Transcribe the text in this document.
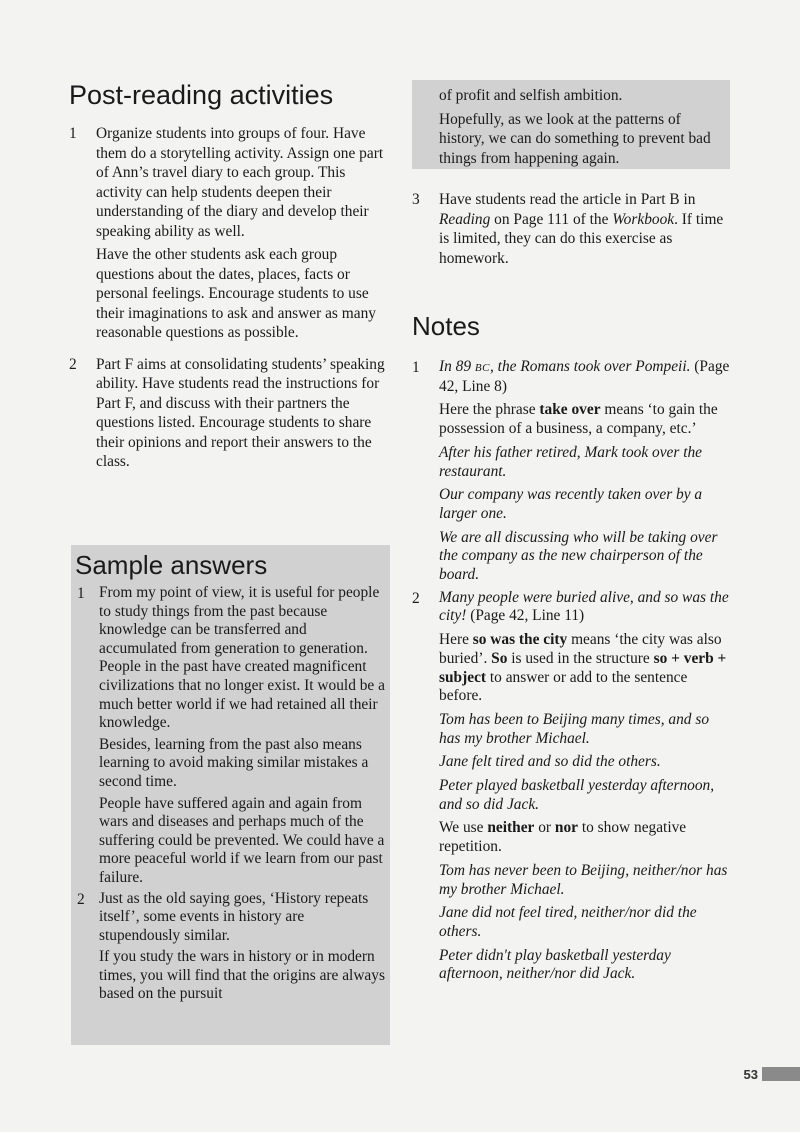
Post-reading activities
1	Organize students into groups of four. Have them do a storytelling activity. Assign one part of Ann’s travel diary to each group. This activity can help students deepen their understanding of the diary and develop their speaking ability as well.

Have the other students ask each group questions about the dates, places, facts or personal feelings. Encourage students to use their imaginations to ask and answer as many reasonable questions as possible.

2	Part F aims at consolidating students’ speaking ability. Have students read the instructions for Part F, and discuss with their partners the questions listed. Encourage students to share their opinions and report their answers to the class.

Sample answers
1 From my point of view, it is useful for people to study things from the past because knowledge can be transferred and accumulated from generation to generation. People in the past have created magnificent civilizations that no longer exist. It would be a much better world if we had retained all their knowledge.

Besides, learning from the past also means learning to avoid making similar mistakes a second time.

People have suffered again and again from wars and diseases and perhaps much of the suffering could be prevented. We could have a more peaceful world if we learn from our past failure.

2 Just as the old saying goes, ‘History repeats itself’, some events in history are stupendously similar.

If you study the wars in history or in modern times, you will find that the origins are always based on the pursuit

of profit and selfish ambition.

Hopefully, as we look at the patterns of history, we can do something to prevent bad things from happening again.

3	Have students read the article in Part B in Reading on Page 111 of the Workbook. If time is limited, they can do this exercise as homework.

Notes
1	In 89 BC, the Romans took over Pompeii. (Page 42, Line 8)

Here the phrase take over means ‘to gain the possession of a business, a company, etc.’

After his father retired, Mark took over the restaurant.

Our company was recently taken over by a larger one.

We are all discussing who will be taking over the company as the new chairperson of the board.

2	Many people were buried alive, and so was the city! (Page 42, Line 11)

Here so was the city means ‘the city was also buried’. So is used in the structure so + verb + subject to answer or add to the sentence before.

Tom has been to Beijing many times, and so has my brother Michael.

Jane felt tired and so did the others.

Peter played basketball yesterday afternoon, and so did Jack.

We use neither or nor to show negative repetition.

Tom has never been to Beijing, neither/nor has my brother Michael.

Jane did not feel tired, neither/nor did the others.

Peter didn't play basketball yesterday afternoon, neither/nor did Jack.

53
